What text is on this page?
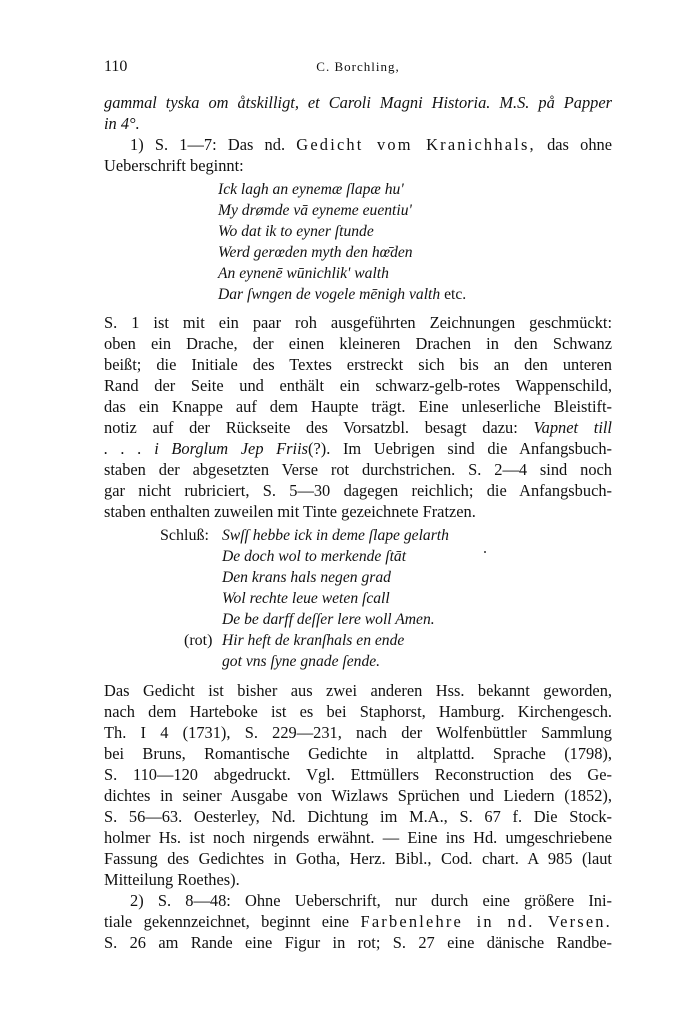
110	C. Borchling,
gammal tyska om åtskilligt, et Caroli Magni Historia. M.S. på Papper
in 4°.
1) S. 1—7: Das nd. Gedicht vom Kranichhals, das ohne
Ueberschrift beginnt:
Ick lagh an eynemæ ſlapæ hu'
My drømde vā eyneme euentiu'
Wo dat ik to eyner ſtunde
Werd gerœden myth den hœ̄den
An eynenē wūnichlik' walth
Dar ſwngen de vogele mēnigh valth etc.
S. 1 ist mit ein paar roh ausgeführten Zeichnungen geschmückt:
oben ein Drache, der einen kleineren Drachen in den Schwanz
beißt; die Initiale des Textes erstreckt sich bis an den unteren
Rand der Seite und enthält ein schwarz-gelb-rotes Wappenschild,
das ein Knappe auf dem Haupte trägt. Eine unleserliche Bleistift-
notiz auf der Rückseite des Vorsatzbl. besagt dazu: Vapnet till
. . . i Borglum Jep Friis(?). Im Uebrigen sind die Anfangsbuch-
staben der abgesetzten Verse rot durchstrichen. S. 2—4 sind noch
gar nicht rubriciert, S. 5—30 dagegen reichlich; die Anfangsbuch-
staben enthalten zuweilen mit Tinte gezeichnete Fratzen.
Schluß: Swſſ hebbe ick in deme ſlape gelarth
De doch wol to merkende ſtāt
Den krans hals negen grad
Wol rechte leue weten ſcall
De be darff deſſer lere woll Amen.
(rot) Hir heft de kranſhals en ende
got vns ſyne gnade ſende.
Das Gedicht ist bisher aus zwei anderen Hss. bekannt geworden,
nach dem Harteboke ist es bei Staphorst, Hamburg. Kirchengesch.
Th. I 4 (1731), S. 229—231, nach der Wolfenbüttler Sammlung
bei Bruns, Romantische Gedichte in altplattd. Sprache (1798),
S. 110—120 abgedruckt. Vgl. Ettmüllers Reconstruction des Ge-
dichtes in seiner Ausgabe von Wizlaws Sprüchen und Liedern (1852),
S. 56—63. Oesterley, Nd. Dichtung im M.A., S. 67 f. Die Stock-
holmer Hs. ist noch nirgends erwähnt. — Eine ins Hd. umgeschriebene
Fassung des Gedichtes in Gotha, Herz. Bibl., Cod. chart. A 985 (laut
Mitteilung Roethes).
2) S. 8—48: Ohne Ueberschrift, nur durch eine größere Ini-
tiale gekennzeichnet, beginnt eine Farbenlehre in nd. Versen.
S. 26 am Rande eine Figur in rot; S. 27 eine dänische Randbe-
